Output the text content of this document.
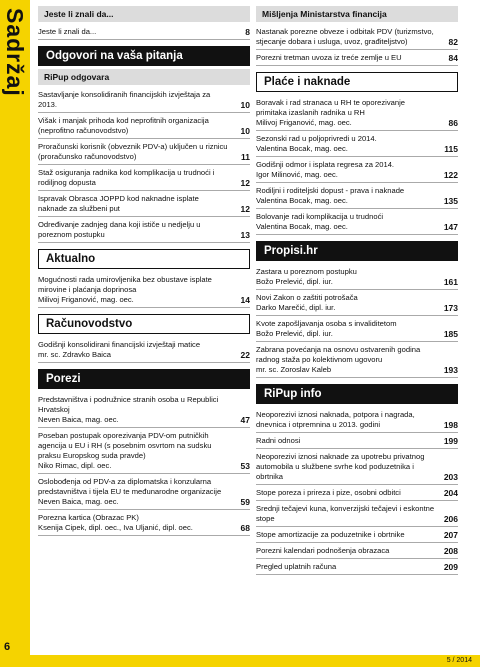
Sadržaj
6
Jeste li znali da...
Jeste li znali da...	8
Odgovori na vaša pitanja
RiPup odgovara
Sastavljanje konsolidiranih financijskih izvještaja za 2013.	10
Višak i manjak prihoda kod neprofitnih organizacija
(neprofitno računovodstvo)	10
Proračunski korisnik (obveznik PDV-a) uključen u riznicu
(proračunsko računovodstvo)	11
Staž osiguranja radnika kod komplikacija u trudnoći i rodiljnog dopusta	12
Ispravak Obrasca JOPPD kod naknadne isplate naknade za službeni put	12
Određivanje zadnjeg dana koji ističe u nedjelju u poreznom postupku	13
Aktualno
Mogućnosti rada umirovljenika bez obustave isplate mirovine i plaćanja doprinosa
Milivoj Friganović, mag. oec.	14
Računovodstvo
Godišnji konsolidirani financijski izvještaji matice
mr. sc. Zdravko Baica	22
Porezi
Predstavništva i podružnice stranih osoba u Republici Hrvatskoj
Neven Baica, mag. oec.	47
Poseban postupak oporezivanja PDV-om putničkih agencija u EU i RH (s posebnim osvrtom na sudsku praksu Europskog suda pravde)
Niko Rimac, dipl. oec.	53
Oslobođenja od PDV-a za diplomatska i konzularna predstavništva i tijela EU te međunarodne organizacije
Neven Baica, mag. oec.	59
Porezna kartica (Obrazac PK)
Ksenija Cipek, dipl. oec., Iva Uljanić, dipl. oec.	68
Mišljenja Ministarstva financija
Nastanak porezne obveze i odbitak PDV (turizmstvo, stjecanje dobara i usluga, uvoz, građiteljstvo)	82
Porezni tretman uvoza iz treće zemlje u EU	84
Plaće i naknade
Boravak i rad stranaca u RH te oporezivanje primitaka izaslanih radnika u RH
Milivoj Friganović, mag. oec.	86
Sezonski rad u poljoprivredi u 2014.
Valentina Bocak, mag. oec.	115
Godišnji odmor i isplata regresa za 2014.
Igor Milinović, mag. oec.	122
Rodiljni i roditeljski dopust - prava i naknade
Valentina Bocak, mag. oec.	135
Bolovanje radi komplikacija u trudnoći
Valentina Bocak, mag. oec.	147
Propisi.hr
Zastara u poreznom postupku
Božo Prelević, dipl. iur.	161
Novi Zakon o zaštiti potrošača
Darko Marečić, dipl. iur.	173
Kvote zapošljavanja osoba s invaliditetom
Božo Prelević, dipl. iur.	185
Zabrana povećanja na osnovu ostvarenih godina radnog staža po kolektivnom ugovoru
mr. sc. Zoroslav Kaleb	193
RiPup info
Neoporezivi iznosi naknada, potpora i nagrada, dnevnica i otpremnina u 2013. godini	198
Radni odnosi	199
Neoporezivi iznosi naknade za upotrebu privatnog automobila u službene svrhe kod poduzetnika i obrtnika	203
Stope poreza i prireza i pize, osobni odbitci	204
Srednji tečajevi kuna, konverzijski tečajevi i eskontne stope	206
Stope amortizacije za poduzetnike i obrtnike	207
Porezni kalendari podnošenja obrazaca	208
Pregled uplatnih računa	209
5 / 2014
